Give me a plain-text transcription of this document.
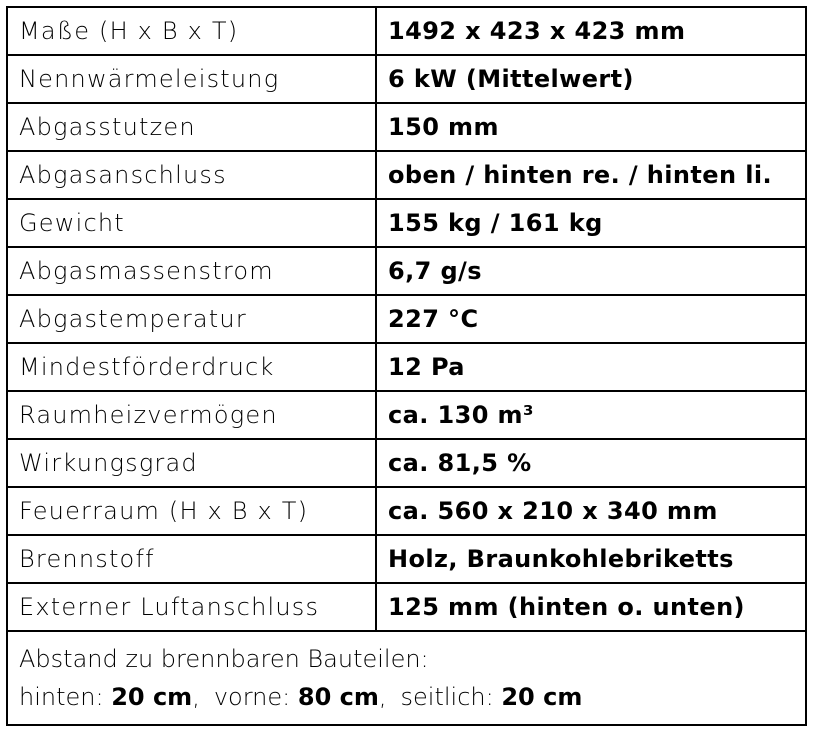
Maße (H x B x T)	1492 x 423 x 423 mm
Nennwärmeleistung	6 kW (Mittelwert)
Abgasstutzen	150 mm
Abgasanschluss	oben / hinten re. / hinten li.
Gewicht	155 kg / 161 kg
Abgasmassenstrom	6,7 g/s
Abgastemperatur	227 °C
Mindestförderdruck	12 Pa
Raumheizvermögen	ca. 130 m³
Wirkungsgrad	ca. 81,5 %
Feuerraum (H x B x T)	ca. 560 x 210 x 340 mm
Brennstoff	Holz, Braunkohlebriketts
Externer Luftanschluss	125 mm (hinten o. unten)

Abstand zu brennbaren Bauteilen:
hinten: 20 cm, vorne: 80 cm, seitlich: 20 cm	
